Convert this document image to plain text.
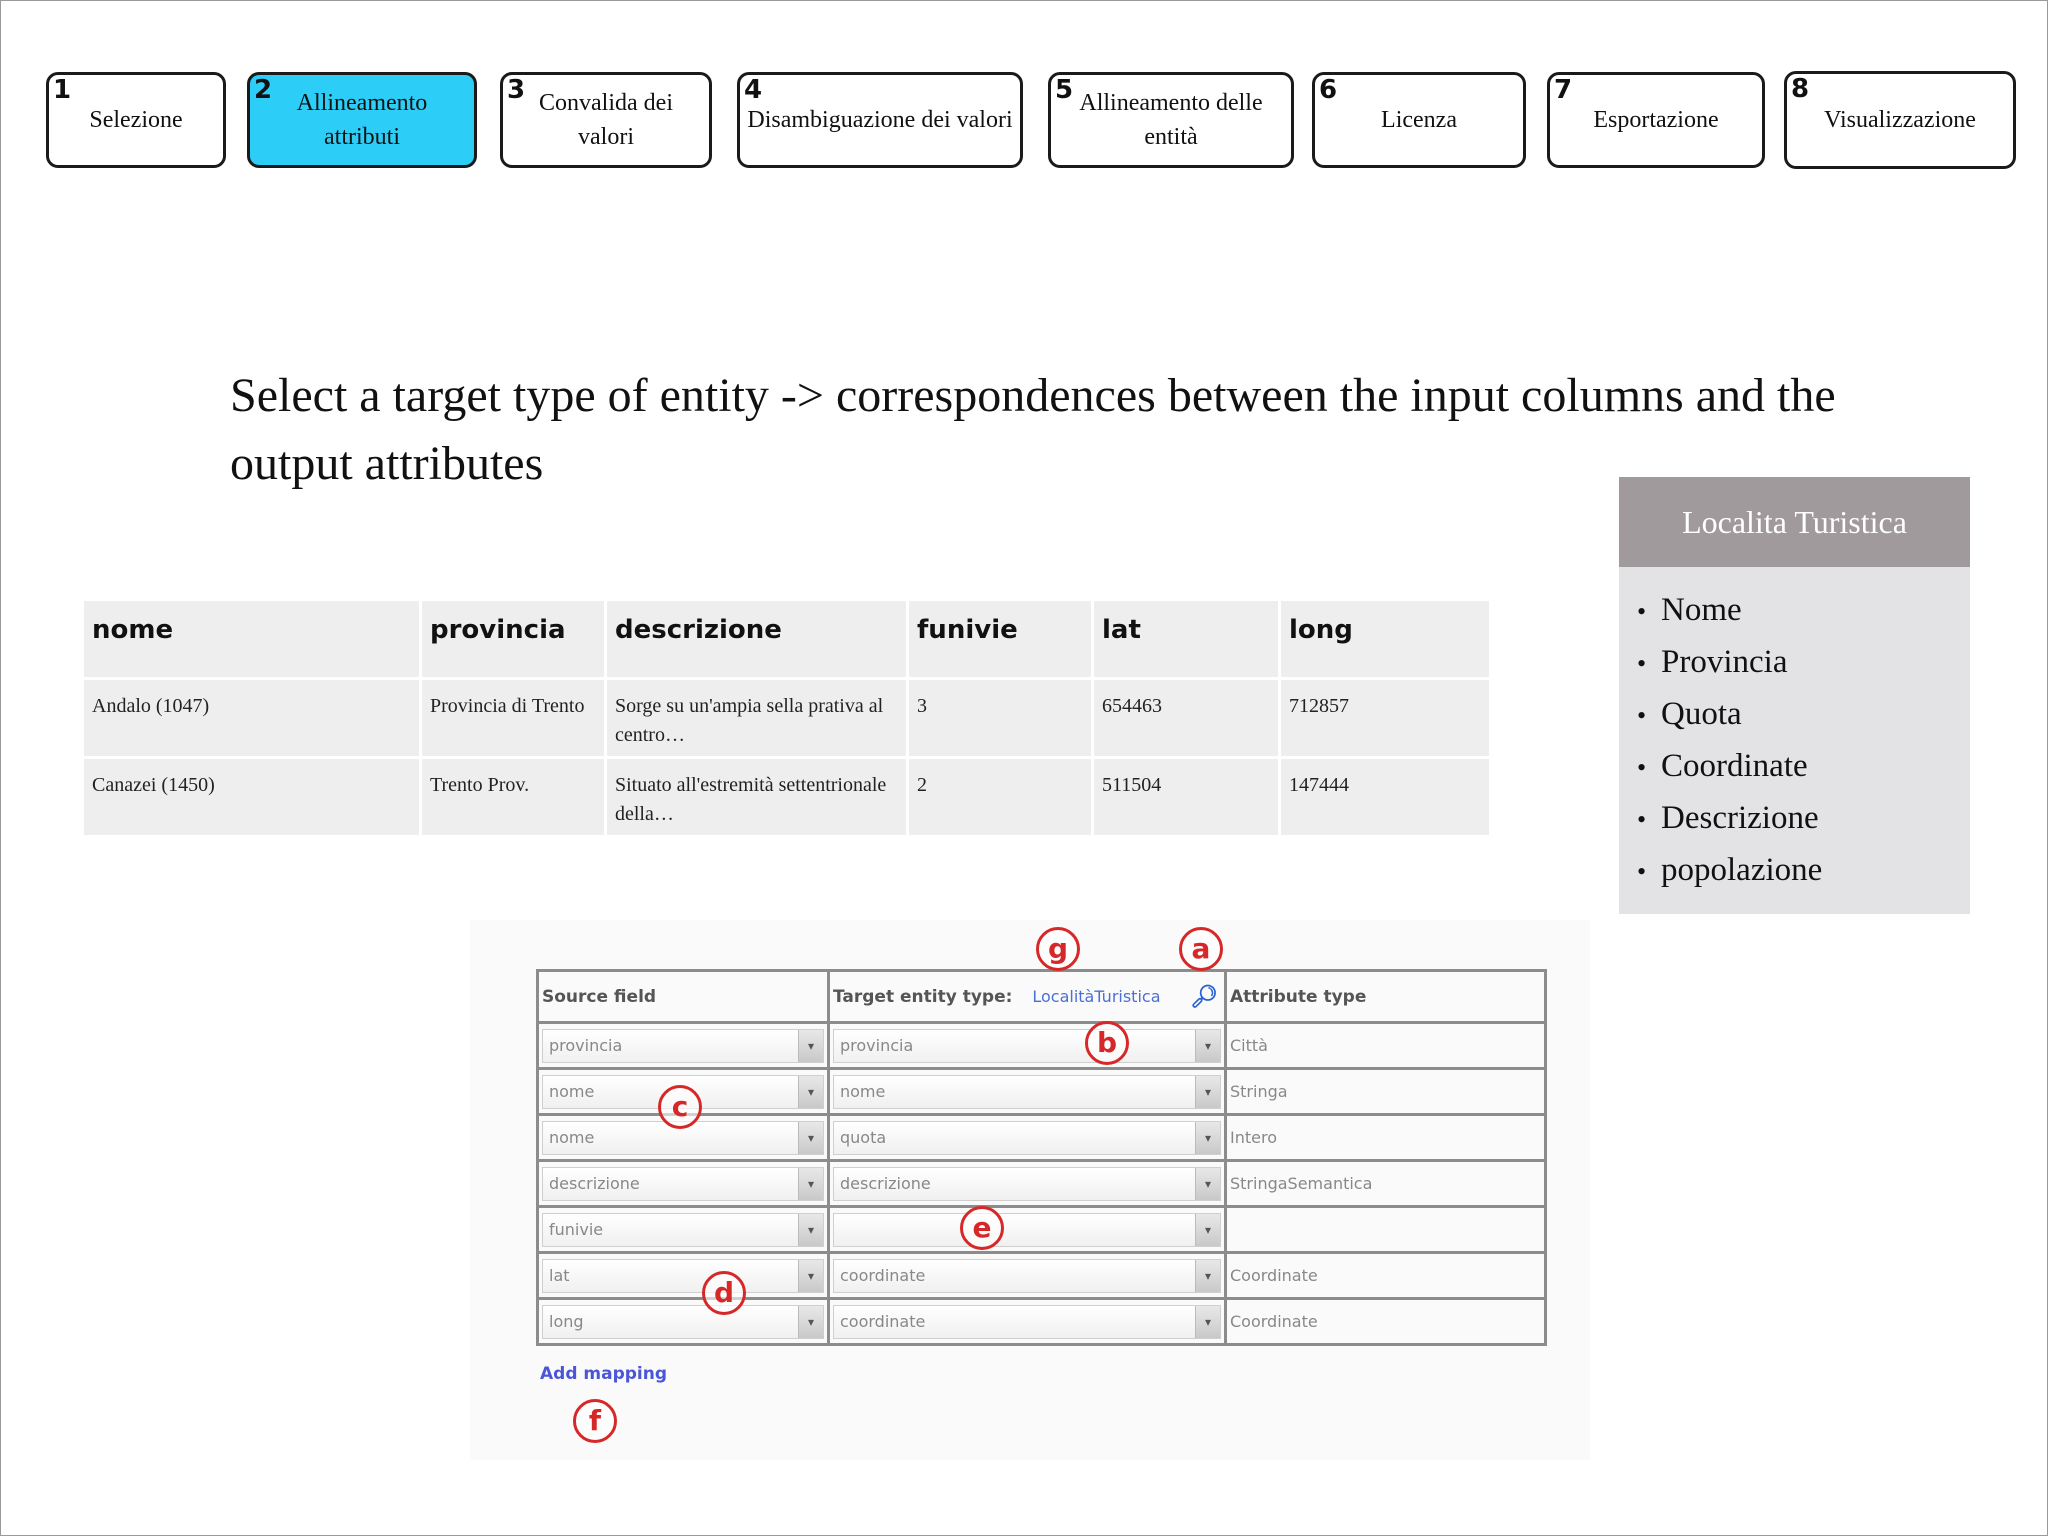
1
Selezione
2	Allineamento attributi
3 Convalida dei valori
4
Disambiguazione dei valori
5 Allineamento delle entità
6
Licenza
7
Esportazione
8
Visualizzazione
Select a target type of entity -> correspondences between the input columns and the output attributes
nome	provincia	descrizione	funivie	lat	long
Andalo (1047)	Provincia di Trento	Sorge su un'ampia sella prativa al centro…	3	654463	712857
Canazei (1450)	Trento Prov.	Situato all'estremità settentrionale della…	2	511504	147444
Localita Turistica
• Nome
• Provincia
• Quota
• Coordinate
• Descrizione
• popolazione
Source field	Target entity type: LocalitàTuristica 🔎︎	Attribute type

provincia ▾	provincia ▾	Città

nome ▾	nome ▾	Stringa

nome ▾	quota ▾	Intero

descrizione ▾	descrizione ▾	StringaSemantica

funivie ▾	▾	

lat ▾	coordinate ▾	Coordinate

long ▾	coordinate ▾	Coordinate
Add mapping
g	a
b
c
e
d
f
